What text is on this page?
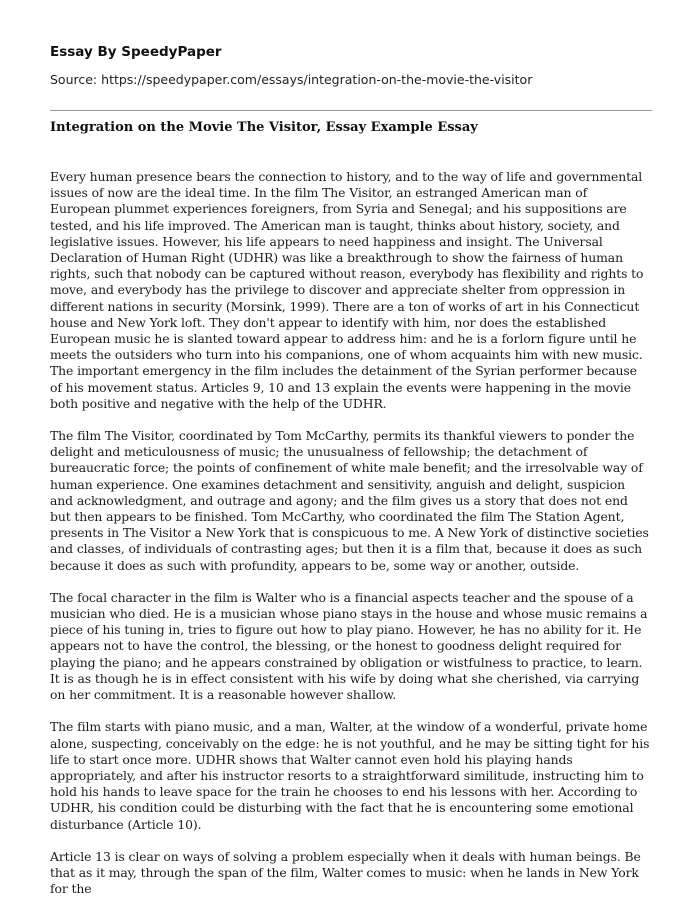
Essay By SpeedyPaper
Source: https://speedypaper.com/essays/integration-on-the-movie-the-visitor
Integration on the Movie The Visitor, Essay Example Essay

Every human presence bears the connection to history, and to the way of life and governmental issues of now are the ideal time. In the film The Visitor, an estranged American man of European plummet experiences foreigners, from Syria and Senegal; and his suppositions are tested, and his life improved. The American man is taught, thinks about history, society, and legislative issues. However, his life appears to need happiness and insight. The Universal Declaration of Human Right (UDHR) was like a breakthrough to show the fairness of human rights, such that nobody can be captured without reason, everybody has flexibility and rights to move, and everybody has the privilege to discover and appreciate shelter from oppression in different nations in security (Morsink, 1999). There are a ton of works of art in his Connecticut house and New York loft. They don't appear to identify with him, nor does the established European music he is slanted toward appear to address him: and he is a forlorn figure until he meets the outsiders who turn into his companions, one of whom acquaints him with new music. The important emergency in the film includes the detainment of the Syrian performer because of his movement status. Articles 9, 10 and 13 explain the events were happening in the movie both positive and negative with the help of the UDHR.

The film The Visitor, coordinated by Tom McCarthy, permits its thankful viewers to ponder the delight and meticulousness of music; the unusualness of fellowship; the detachment of bureaucratic force; the points of confinement of white male benefit; and the irresolvable way of human experience. One examines detachment and sensitivity, anguish and delight, suspicion and acknowledgment, and outrage and agony; and the film gives us a story that does not end but then appears to be finished. Tom McCarthy, who coordinated the film The Station Agent, presents in The Visitor a New York that is conspicuous to me. A New York of distinctive societies and classes, of individuals of contrasting ages; but then it is a film that, because it does as such because it does as such with profundity, appears to be, some way or another, outside.

The focal character in the film is Walter who is a financial aspects teacher and the spouse of a musician who died. He is a musician whose piano stays in the house and whose music remains a piece of his tuning in, tries to figure out how to play piano. However, he has no ability for it. He appears not to have the control, the blessing, or the honest to goodness delight required for playing the piano; and he appears constrained by obligation or wistfulness to practice, to learn. It is as though he is in effect consistent with his wife by doing what she cherished, via carrying on her commitment. It is a reasonable however shallow.

The film starts with piano music, and a man, Walter, at the window of a wonderful, private home alone, suspecting, conceivably on the edge: he is not youthful, and he may be sitting tight for his life to start once more. UDHR shows that Walter cannot even hold his playing hands appropriately, and after his instructor resorts to a straightforward similitude, instructing him to hold his hands to leave space for the train he chooses to end his lessons with her. According to UDHR, his condition could be disturbing with the fact that he is encountering some emotional disturbance (Article 10).

Article 13 is clear on ways of solving a problem especially when it deals with human beings. Be that as it may, through the span of the film, Walter comes to music: when he lands in New York for the
